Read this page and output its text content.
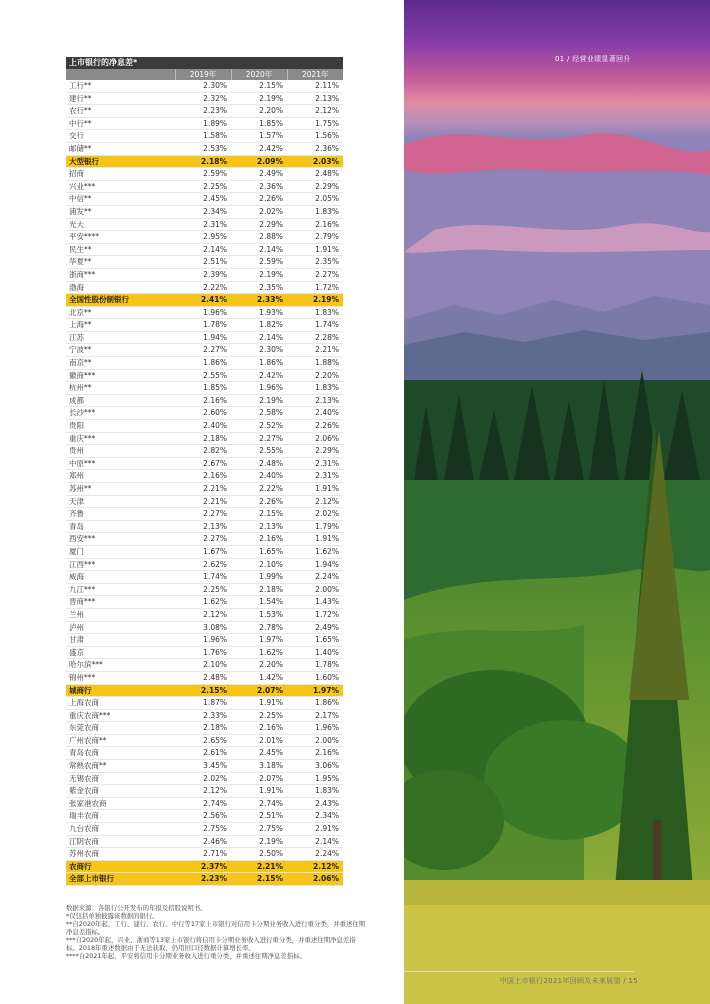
01 / 经营业绩显著回升
上市银行的净息差*
	2019年	2020年	2021年
工行**	2.30%	2.15%	2.11%
建行**	2.32%	2.19%	2.13%
农行**	2.23%	2.20%	2.12%
中行**	1.89%	1.85%	1.75%
交行	1.58%	1.57%	1.56%
邮储**	2.53%	2.42%	2.36%
大型银行	2.18%	2.09%	2.03%
招商	2.59%	2.49%	2.48%
兴业***	2.25%	2.36%	2.29%
中信**	2.45%	2.26%	2.05%
浦发**	2.34%	2.02%	1.83%
光大	2.31%	2.29%	2.16%
平安****	2.95%	2.88%	2.79%
民生**	2.14%	2.14%	1.91%
华夏**	2.51%	2.59%	2.35%
浙商***	2.39%	2.19%	2.27%
渤海	2.22%	2.35%	1.72%
全国性股份制银行	2.41%	2.33%	2.19%
北京**	1.96%	1.93%	1.83%
上海**	1.78%	1.82%	1.74%
江苏	1.94%	2.14%	2.28%
宁波**	2.27%	2.30%	2.21%
南京**	1.86%	1.86%	1.88%
徽商***	2.55%	2.42%	2.20%
杭州**	1.85%	1.96%	1.83%
成都	2.16%	2.19%	2.13%
长沙***	2.60%	2.58%	2.40%
贵阳	2.40%	2.52%	2.26%
重庆***	2.18%	2.27%	2.06%
贵州	2.82%	2.55%	2.29%
中原***	2.67%	2.48%	2.31%
郑州	2.16%	2.40%	2.31%
苏州**	2.21%	2.22%	1.91%
天津	2.21%	2.26%	2.12%
齐鲁	2.27%	2.15%	2.02%
青岛	2.13%	2.13%	1.79%
西安***	2.27%	2.16%	1.91%
厦门	1.67%	1.65%	1.62%
江西***	2.62%	2.10%	1.94%
威海	1.74%	1.99%	2.24%
九江***	2.25%	2.18%	2.00%
晋商***	1.62%	1.54%	1.43%
兰州	2.12%	1.53%	1.72%
泸州	3.08%	2.78%	2.49%
甘肃	1.96%	1.97%	1.65%
盛京	1.76%	1.62%	1.40%
哈尔滨***	2.10%	2.20%	1.78%
锦州***	2.48%	1.42%	1.60%
城商行	2.15%	2.07%	1.97%
上海农商	1.87%	1.91%	1.86%
重庆农商***	2.33%	2.25%	2.17%
东莞农商	2.18%	2.16%	1.96%
广州农商**	2.65%	2.01%	2.00%
青岛农商	2.61%	2.45%	2.16%
常熟农商**	3.45%	3.18%	3.06%
无锡农商	2.02%	2.07%	1.95%
紫金农商	2.12%	1.91%	1.83%
张家港农商	2.74%	2.74%	2.43%
瑞丰农商	2.56%	2.51%	2.34%
九台农商	2.75%	2.75%	2.91%
江阴农商	2.46%	2.19%	2.14%
苏州农商	2.71%	2.50%	2.24%
农商行	2.37%	2.21%	2.12%
全部上市银行	2.23%	2.15%	2.06%

数据来源：各银行公开发布的年报及招股说明书。

*仅包括单独披露该数据的银行。

**自2020年起，工行、建行、农行、中行等17家上市银行对信用卡分期业务收入进行重分类，并重述往期净息差指标。

***自2020年起，兴业、浙商等13家上市银行将信用卡分期业务收入进行重分类，并重述往期净息差指标。2018年重述数据由于无法获取，仍用旧口径数据计算增长率。

****自2021年起，平安将信用卡分期业务收入进行重分类，并重述往期净息差指标。

中国上市银行2021年回顾及未来展望 / 15
